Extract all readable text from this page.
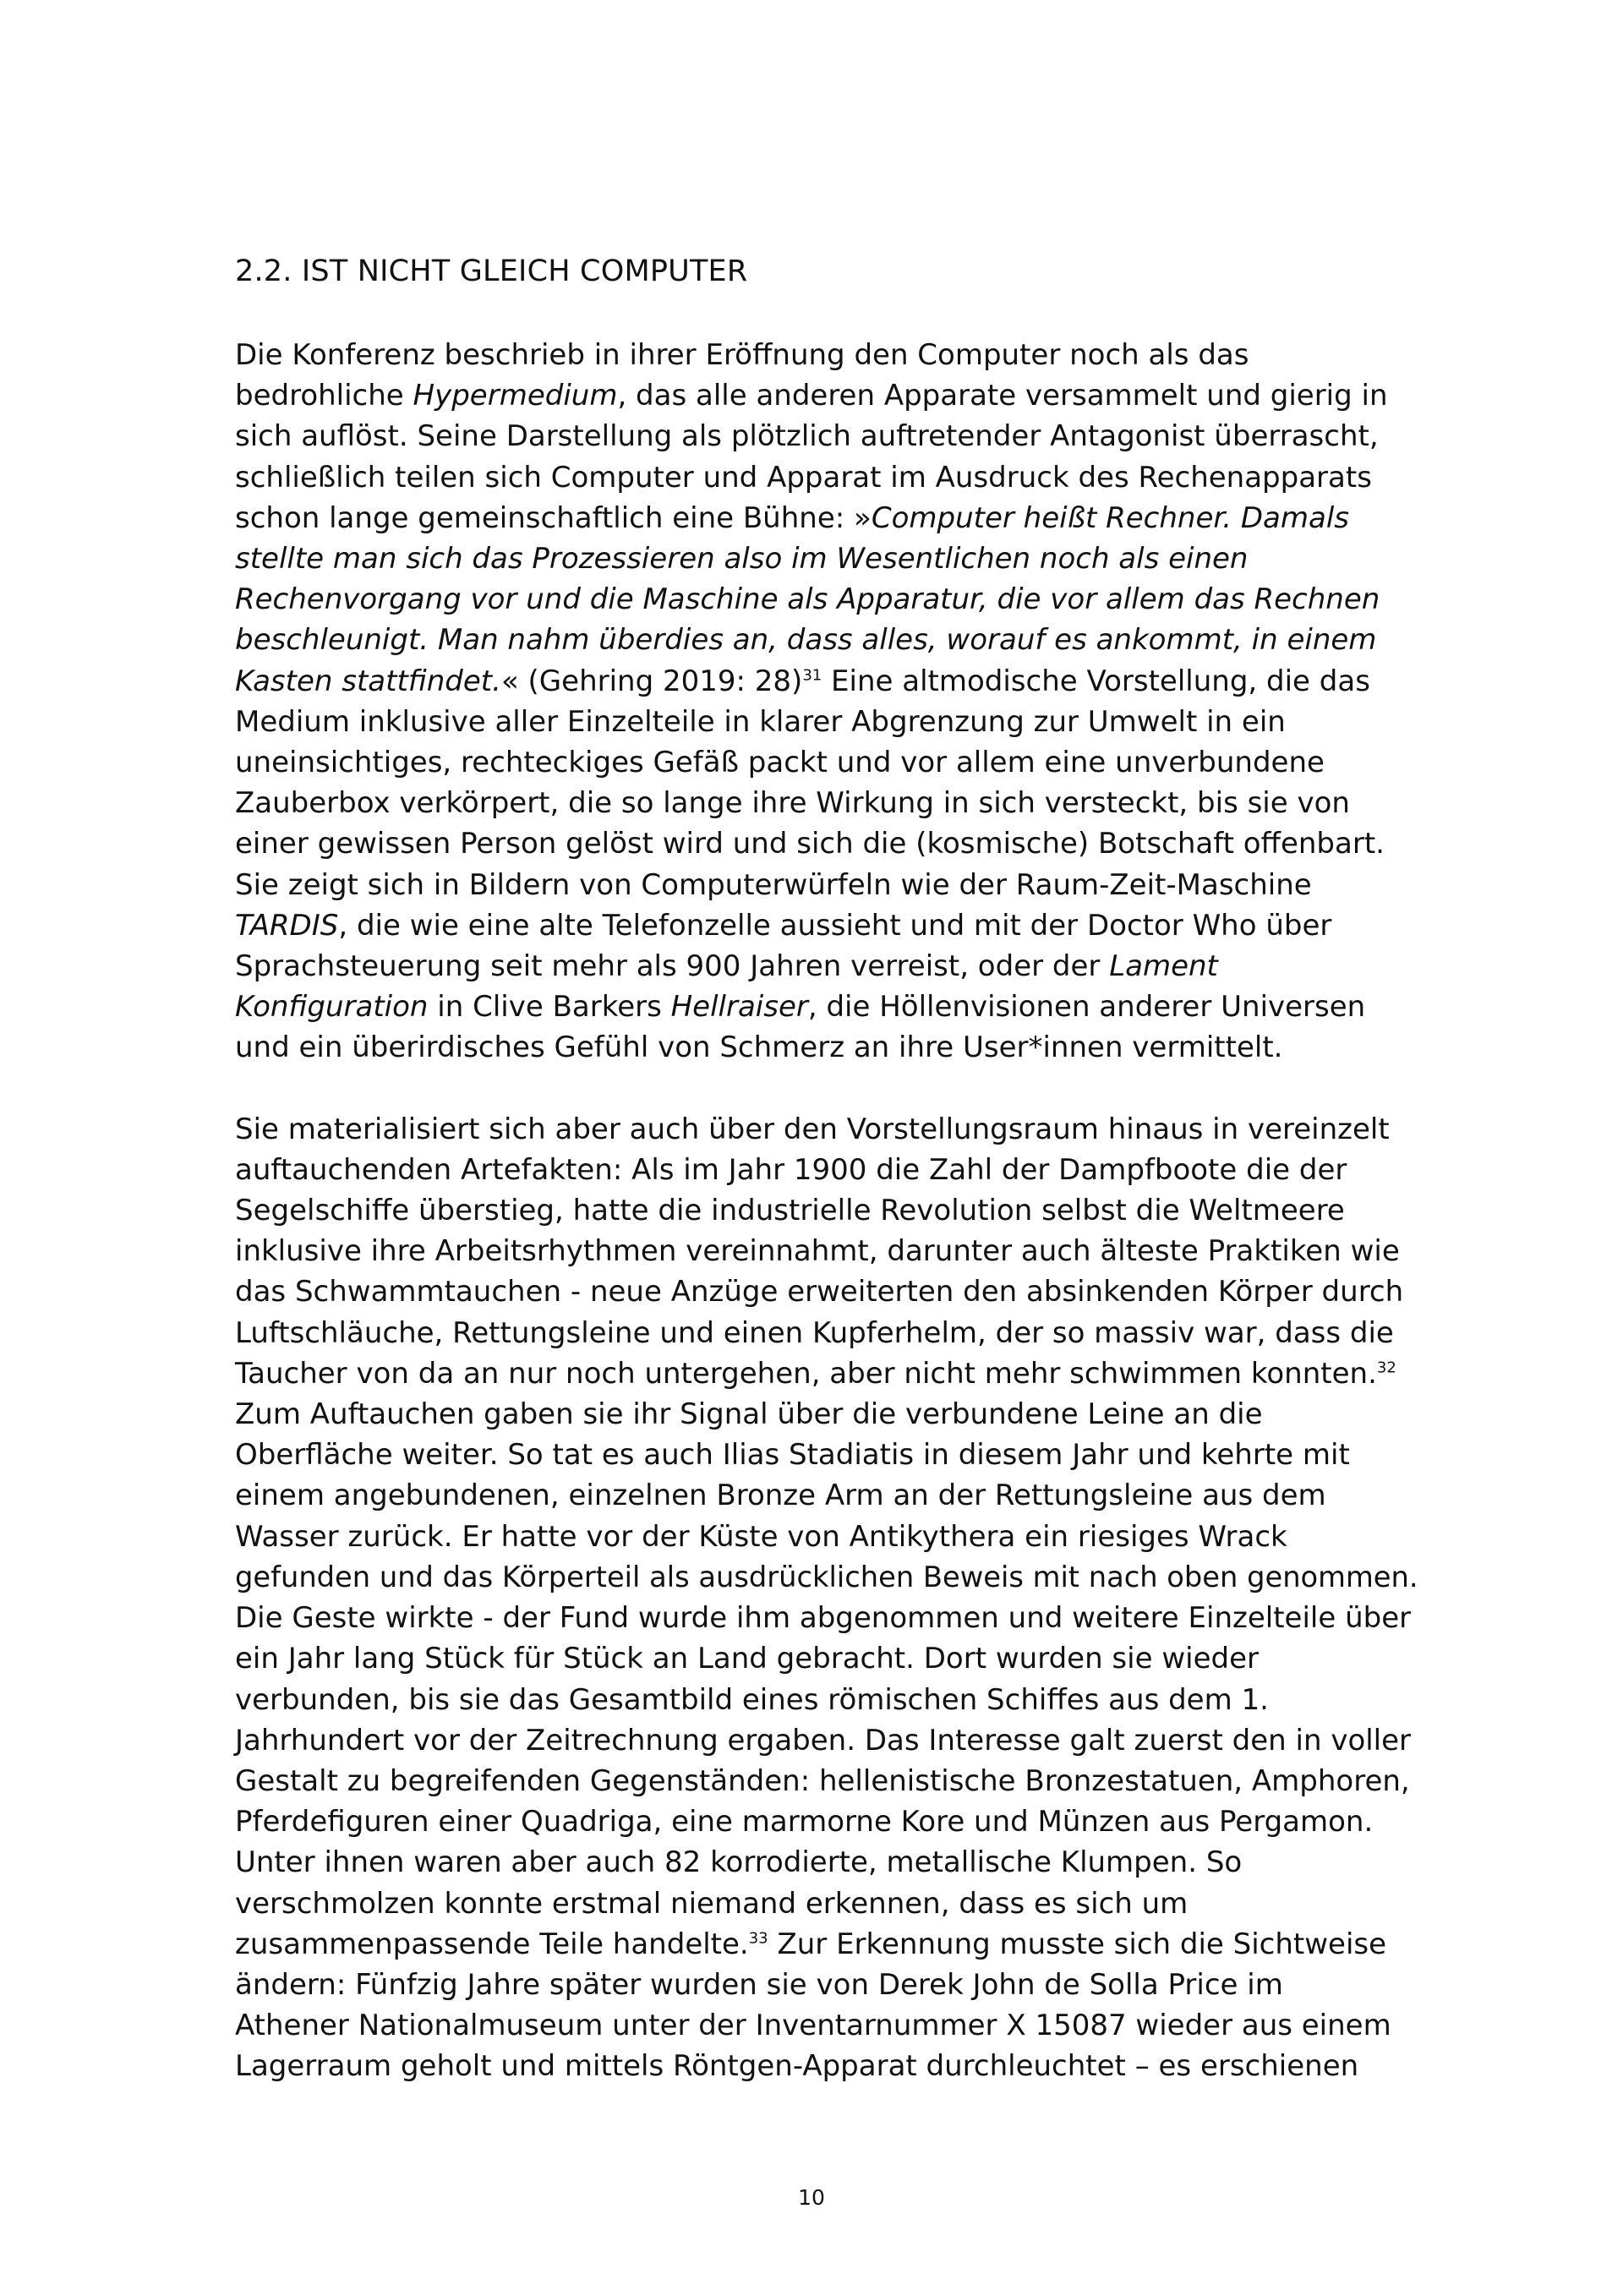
2.2. IST NICHT GLEICH COMPUTER
Die Konferenz beschrieb in ihrer Eröffnung den Computer noch als das
bedrohliche Hypermedium, das alle anderen Apparate versammelt und gierig in
sich auflöst. Seine Darstellung als plötzlich auftretender Antagonist überrascht,
schließlich teilen sich Computer und Apparat im Ausdruck des Rechenapparats
schon lange gemeinschaftlich eine Bühne: »Computer heißt Rechner. Damals
stellte man sich das Prozessieren also im Wesentlichen noch als einen
Rechenvorgang vor und die Maschine als Apparatur, die vor allem das Rechnen
beschleunigt. Man nahm überdies an, dass alles, worauf es ankommt, in einem
Kasten stattfindet.« (Gehring 2019: 28)$^{31}$ Eine altmodische Vorstellung, die das
Medium inklusive aller Einzelteile in klarer Abgrenzung zur Umwelt in ein
uneinsichtiges, rechteckiges Gefäß packt und vor allem eine unverbundene
Zauberbox verkörpert, die so lange ihre Wirkung in sich versteckt, bis sie von
einer gewissen Person gelöst wird und sich die (kosmische) Botschaft offenbart.
Sie zeigt sich in Bildern von Computerwürfeln wie der Raum-Zeit-Maschine
TARDIS, die wie eine alte Telefonzelle aussieht und mit der Doctor Who über
Sprachsteuerung seit mehr als 900 Jahren verreist, oder der Lament
Konfiguration in Clive Barkers Hellraiser, die Höllenvisionen anderer Universen
und ein überirdisches Gefühl von Schmerz an ihre User*innen vermittelt.
Sie materialisiert sich aber auch über den Vorstellungsraum hinaus in vereinzelt
auftauchenden Artefakten: Als im Jahr 1900 die Zahl der Dampfboote die der
Segelschiffe überstieg, hatte die industrielle Revolution selbst die Weltmeere
inklusive ihre Arbeitsrhythmen vereinnahmt, darunter auch älteste Praktiken wie
das Schwammtauchen - neue Anzüge erweiterten den absinkenden Körper durch
Luftschläuche, Rettungsleine und einen Kupferhelm, der so massiv war, dass die
Taucher von da an nur noch untergehen, aber nicht mehr schwimmen konnten.$^{32}$
Zum Auftauchen gaben sie ihr Signal über die verbundene Leine an die
Oberfläche weiter. So tat es auch Ilias Stadiatis in diesem Jahr und kehrte mit
einem angebundenen, einzelnen Bronze Arm an der Rettungsleine aus dem
Wasser zurück. Er hatte vor der Küste von Antikythera ein riesiges Wrack
gefunden und das Körperteil als ausdrücklichen Beweis mit nach oben genommen.
Die Geste wirkte - der Fund wurde ihm abgenommen und weitere Einzelteile über
ein Jahr lang Stück für Stück an Land gebracht. Dort wurden sie wieder
verbunden, bis sie das Gesamtbild eines römischen Schiffes aus dem 1.
Jahrhundert vor der Zeitrechnung ergaben. Das Interesse galt zuerst den in voller
Gestalt zu begreifenden Gegenständen: hellenistische Bronzestatuen, Amphoren,
Pferdefiguren einer Quadriga, eine marmorne Kore und Münzen aus Pergamon.
Unter ihnen waren aber auch 82 korrodierte, metallische Klumpen. So
verschmolzen konnte erstmal niemand erkennen, dass es sich um
zusammenpassende Teile handelte.$^{33}$ Zur Erkennung musste sich die Sichtweise
ändern: Fünfzig Jahre später wurden sie von Derek John de Solla Price im
Athener Nationalmuseum unter der Inventarnummer X 15087 wieder aus einem
Lagerraum geholt und mittels Röntgen-Apparat durchleuchtet – es erschienen
10
